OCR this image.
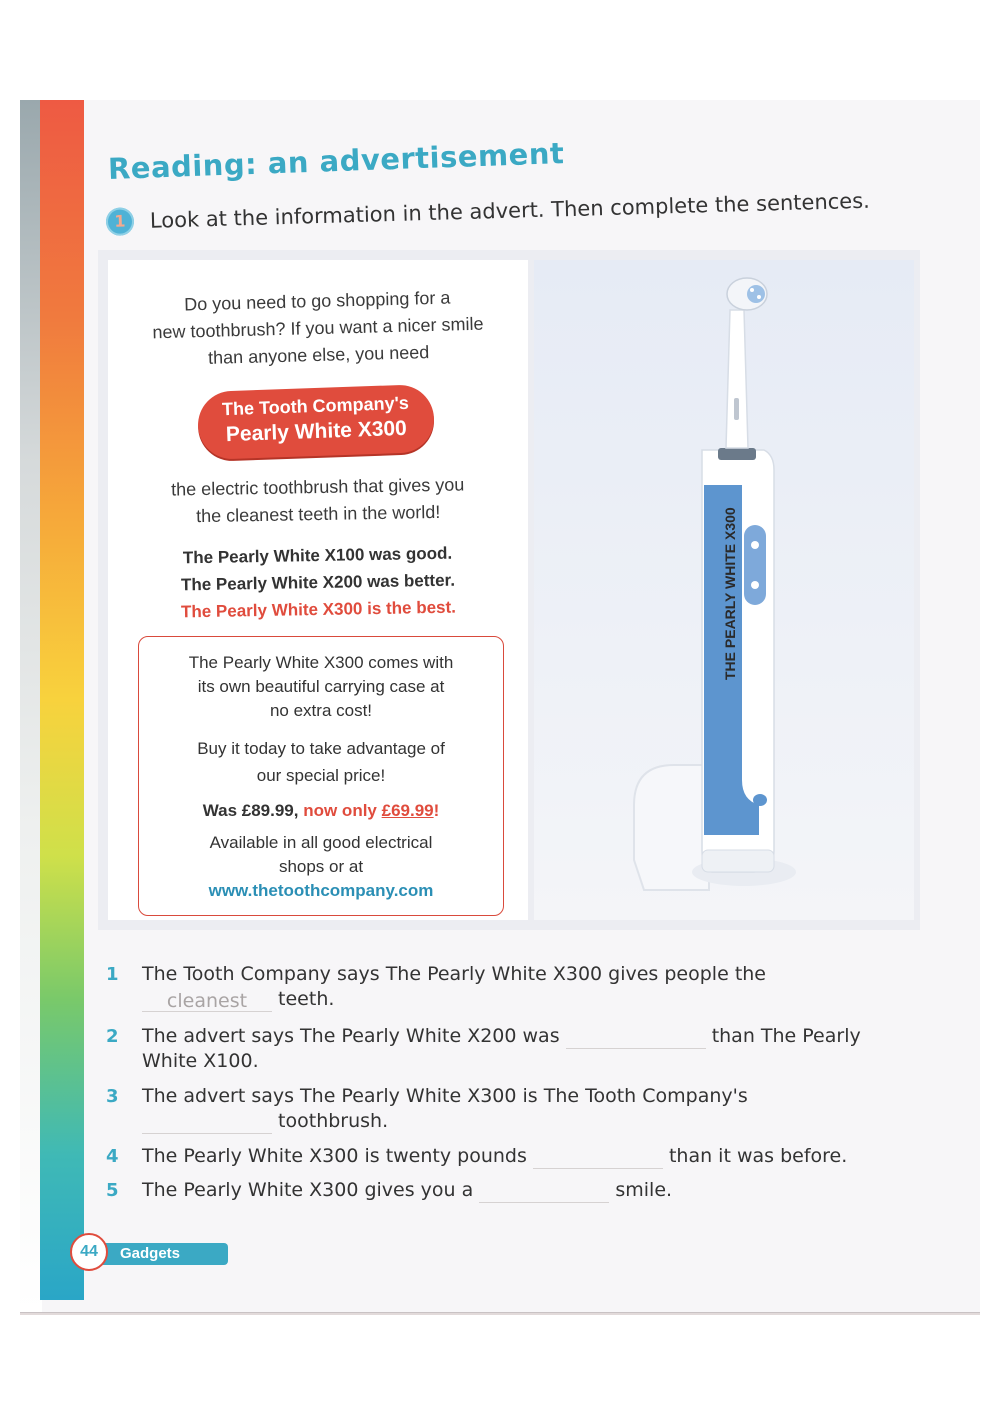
Reading: an advertisement
1	Look at the information in the advert. Then complete the sentences.
Do you need to go shopping for a
new toothbrush? If you want a nicer smile
than anyone else, you need
The Tooth Company's
Pearly White X300
the electric toothbrush that gives you
the cleanest teeth in the world!
The Pearly White X100 was good.
The Pearly White X200 was better.
The Pearly White X300 is the best.

The Pearly White X300 comes with

its own beautiful carrying case at

no extra cost!

Buy it today to take advantage of

our special price!

Was £89.99, now only £69.99!

Available in all good electrical

shops or at

www.thetoothcompany.com

THE PEARLY WHITE X300
1 The Tooth Company says The Pearly White X300 gives people the
cleanest teeth.
2 The advert says The Pearly White X200 was	than The Pearly
White X100.
3 The advert says The Pearly White X300 is The Tooth Company's
toothbrush.
4 The Pearly White X300 is twenty pounds	than it was before.
5 The Pearly White X300 gives you a	smile.
44	Gadgets
